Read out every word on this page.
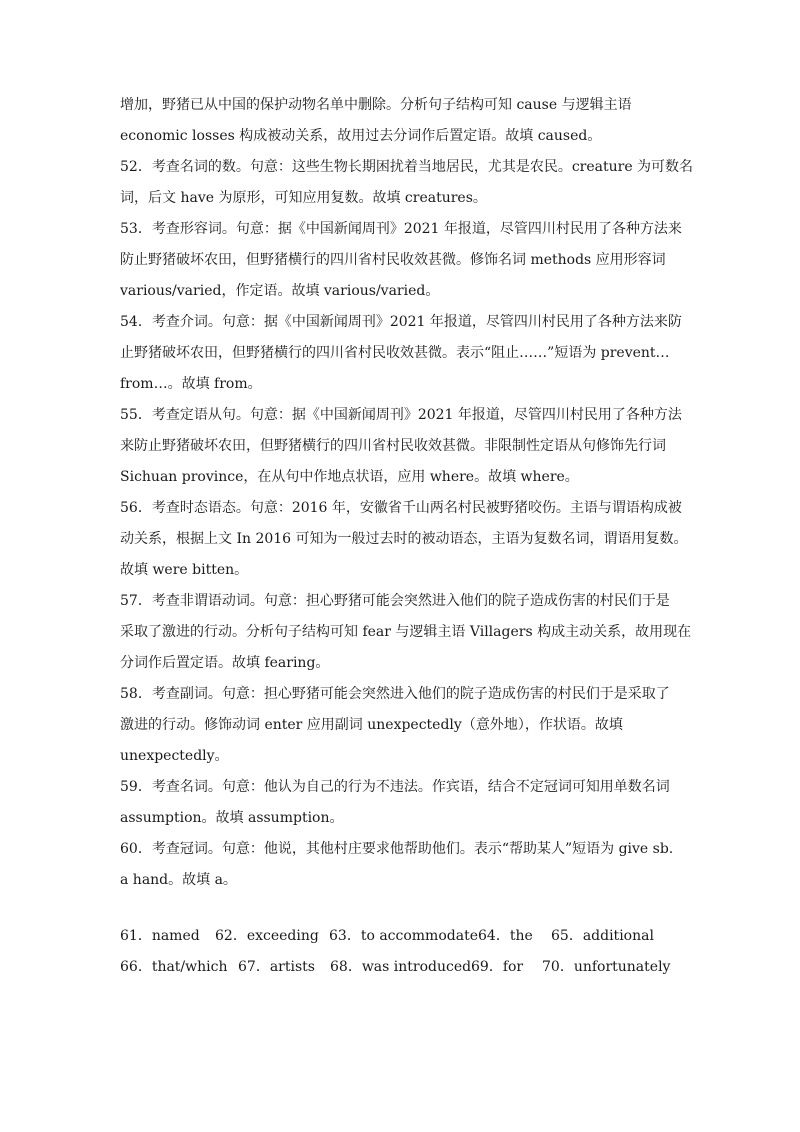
增加，野猪已从中国的保护动物名单中删除。分析句子结构可知 cause 与逻辑主语
economic losses 构成被动关系，故用过去分词作后置定语。故填 caused。
52．考查名词的数。句意：这些生物长期困扰着当地居民，尤其是农民。creature 为可数名
词，后文 have 为原形，可知应用复数。故填 creatures。
53．考查形容词。句意：据《中国新闻周刊》2021 年报道，尽管四川村民用了各种方法来
防止野猪破坏农田，但野猪横行的四川省村民收效甚微。修饰名词 methods 应用形容词
various/varied，作定语。故填 various/varied。
54．考查介词。句意：据《中国新闻周刊》2021 年报道，尽管四川村民用了各种方法来防
止野猪破坏农田，但野猪横行的四川省村民收效甚微。表示“阻止……”短语为 prevent…
from…。故填 from。
55．考查定语从句。句意：据《中国新闻周刊》2021 年报道，尽管四川村民用了各种方法
来防止野猪破坏农田，但野猪横行的四川省村民收效甚微。非限制性定语从句修饰先行词
Sichuan province，在从句中作地点状语，应用 where。故填 where。
56．考查时态语态。句意：2016 年，安徽省千山两名村民被野猪咬伤。主语与谓语构成被
动关系，根据上文 In 2016 可知为一般过去时的被动语态，主语为复数名词，谓语用复数。
故填 were bitten。
57．考查非谓语动词。句意：担心野猪可能会突然进入他们的院子造成伤害的村民们于是
采取了激进的行动。分析句子结构可知 fear 与逻辑主语 Villagers 构成主动关系，故用现在
分词作后置定语。故填 fearing。
58．考查副词。句意：担心野猪可能会突然进入他们的院子造成伤害的村民们于是采取了
激进的行动。修饰动词 enter 应用副词 unexpectedly（意外地），作状语。故填
unexpectedly。
59．考查名词。句意：他认为自己的行为不违法。作宾语，结合不定冠词可知用单数名词
assumption。故填 assumption。
60．考查冠词。句意：他说，其他村庄要求他帮助他们。表示“帮助某人”短语为 give sb.
a hand。故填 a。
61．named 62．exceeding 63．to accommodate 64．the 65．additional
66．that/which 67．artists 68．was introduced 69．for 70．unfortunately
